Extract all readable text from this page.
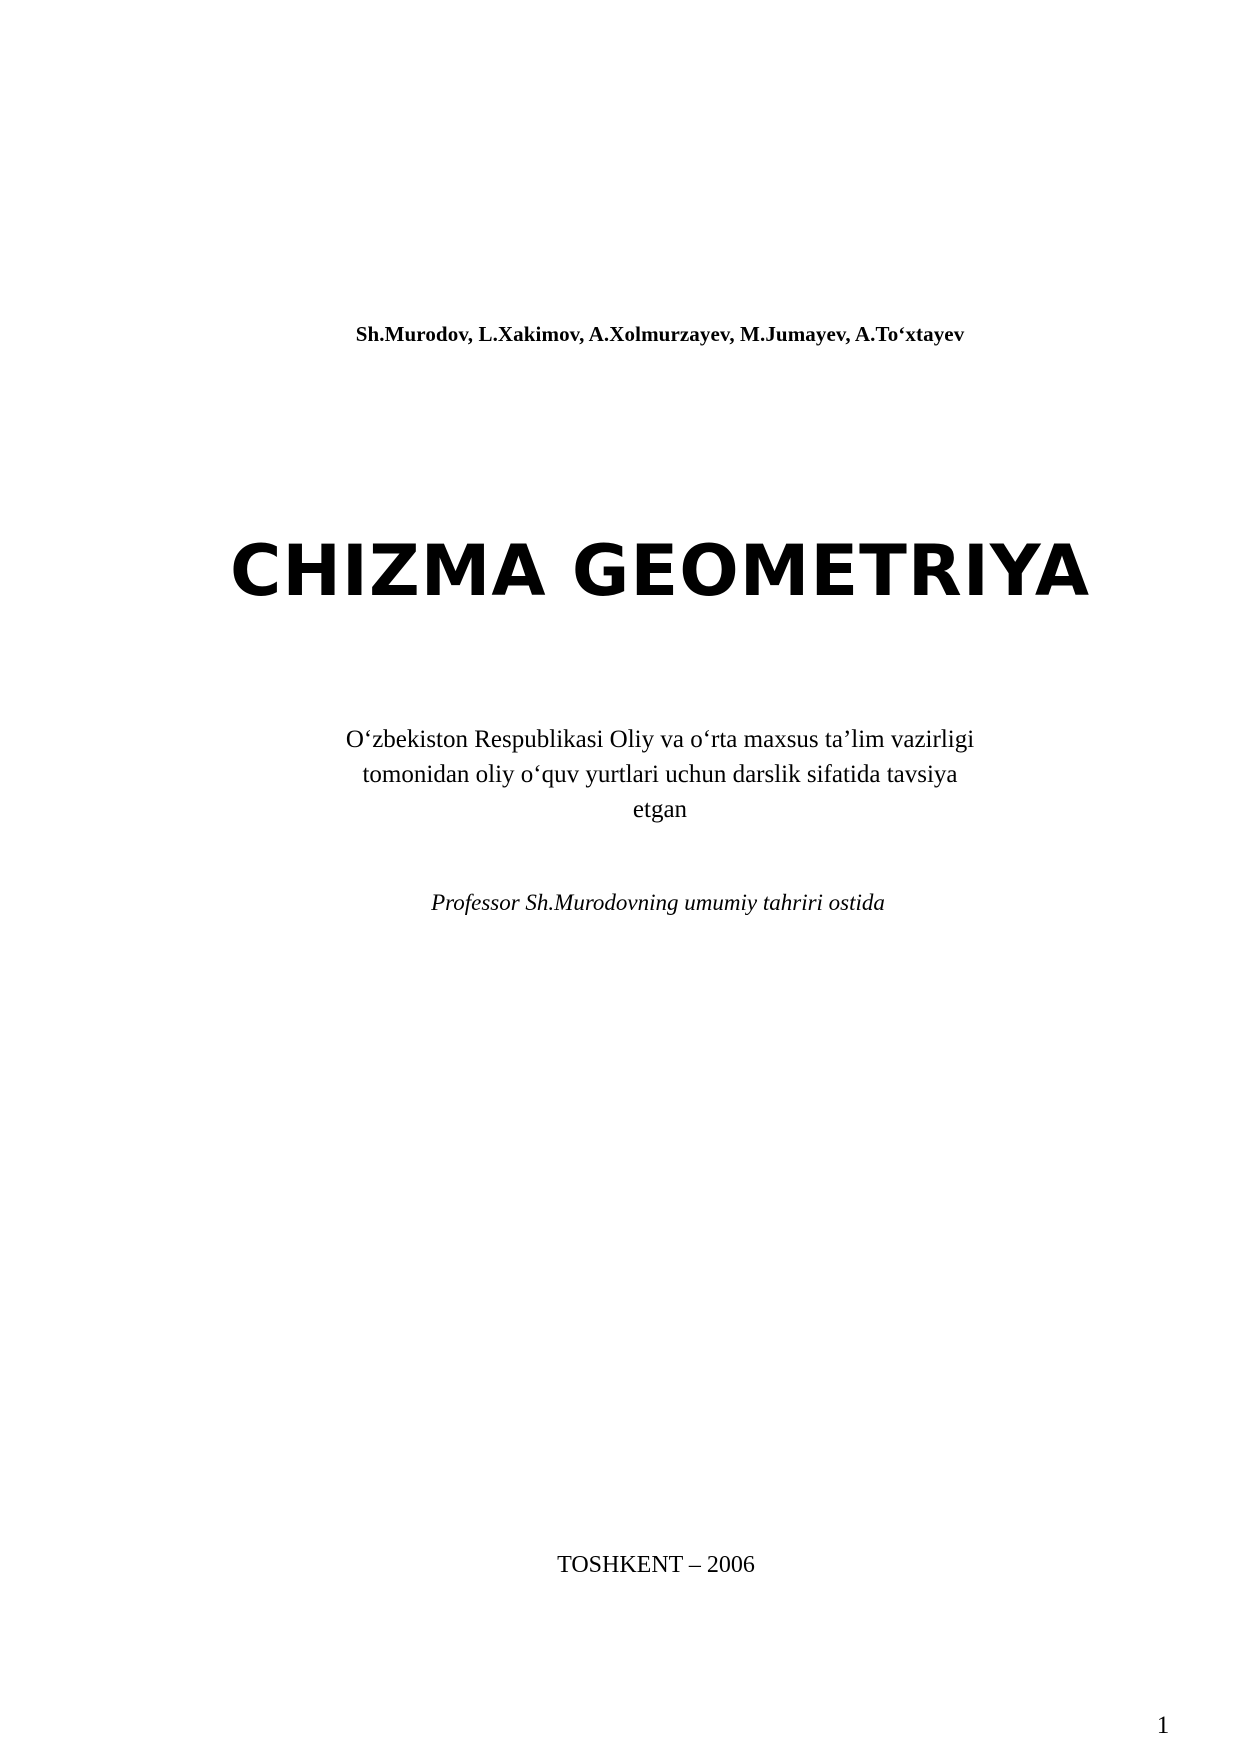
Sh.Murodov, L.Xakimov, A.Xolmurzayev, M.Jumayev, A.To‘xtayev
CHIZMA GEOMETRIYA
O‘zbekiston Respublikasi Oliy va o‘rta maxsus ta’lim vazirligi
tomonidan oliy o‘quv yurtlari uchun darslik sifatida tavsiya
etgan
Professor Sh.Murodovning umumiy tahriri ostida
TOSHKENT – 2006
1
